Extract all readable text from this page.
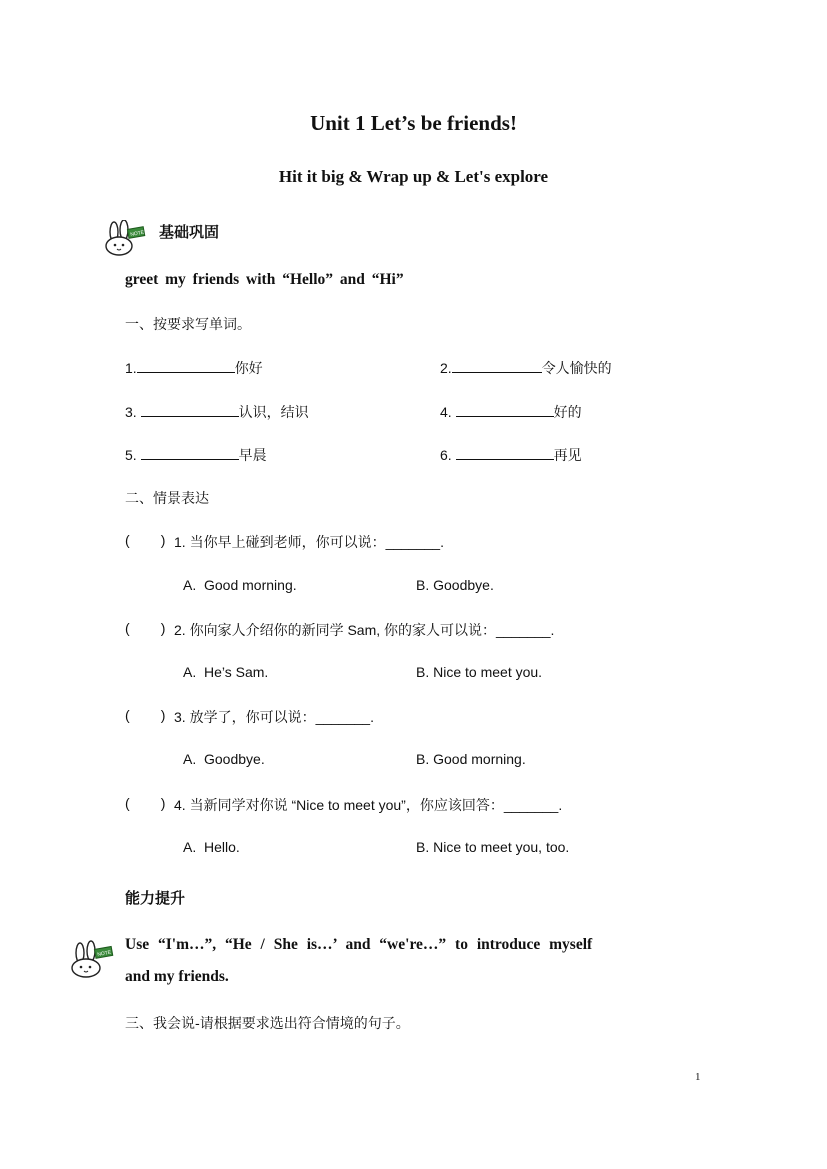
Unit 1 Let’s be friends!
Hit it big & Wrap up & Let's explore
NOTE 基础巩固
greet my friends with “Hello” and “Hi”
一、按要求写单词。
1.	你好	2.	令人愉快的
3.	认识，结识	4.	好的
5.	早晨	6.	再见
二、情景表达
(        ) 1. 当你早上碰到老师，你可以说：_______.
A.  Good morning.	B. Goodbye.
(        ) 2. 你向家人介绍你的新同学 Sam, 你的家人可以说：_______.
A.  He’s Sam.	B. Nice to meet you.
(        ) 3. 放学了，你可以说：_______.
A.  Goodbye.	B. Good morning.
(        ) 4. 当新同学对你说 “Nice to meet you”，你应该回答：_______.
A.  Hello.	B. Nice to meet you, too.
能力提升
NOTE
Use “I'm…”, “He / She is…’ and “we're…” to introduce myself
and my friends.
三、我会说-请根据要求选出符合情境的句子。
1
